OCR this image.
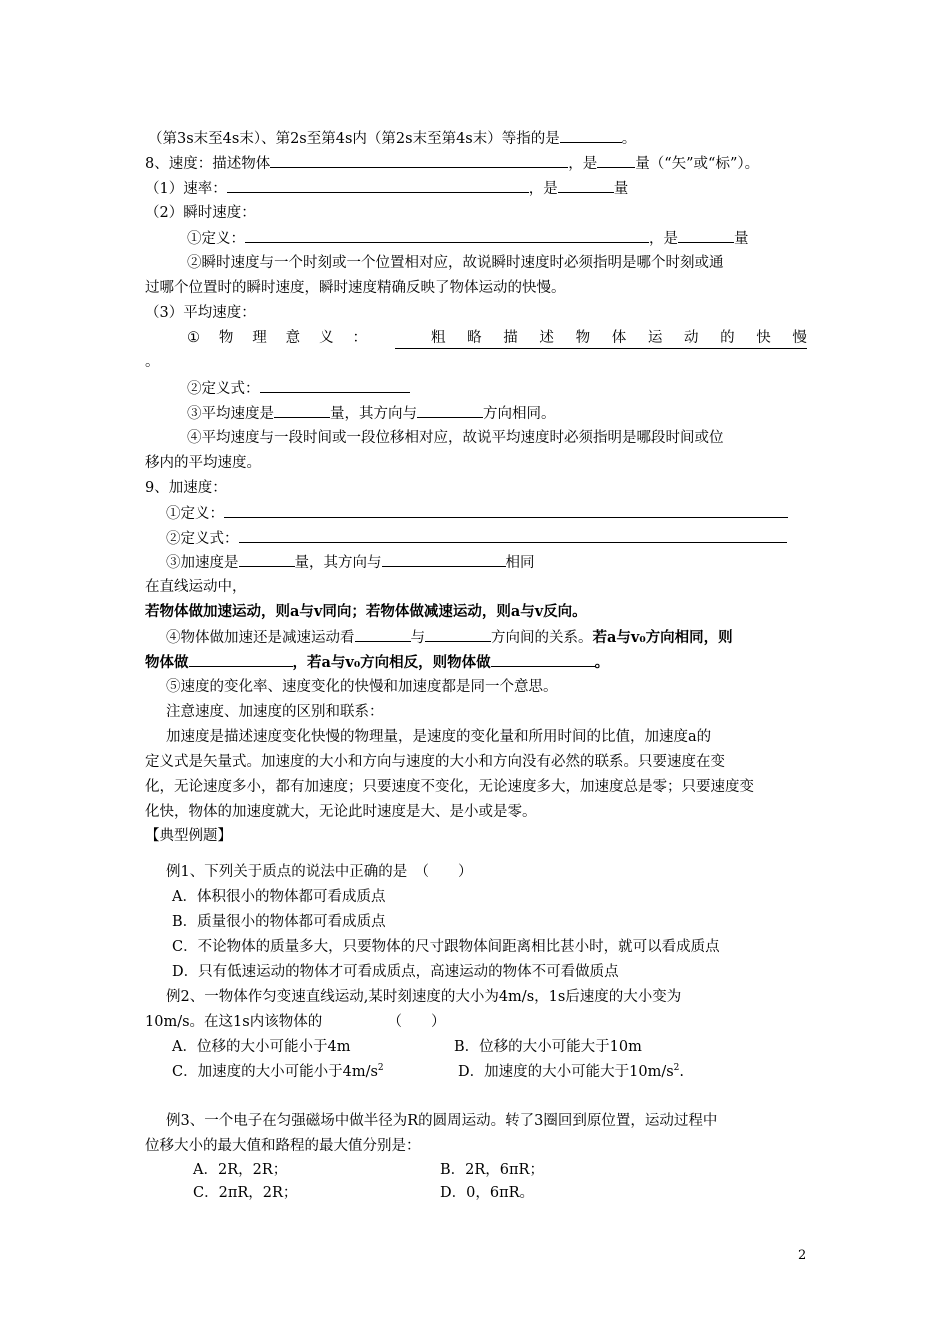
（第3s末至4s末）、第2s至第4s内（第2s末至第4s末）等指的是	。
8、速度：描述物体	，是	量（“矢”或“标”）。
（1）速率：	，是	量
（2）瞬时速度：
①定义：	，是	量
②瞬时速度与一个时刻或一个位置相对应，故说瞬时速度时必须指明是哪个时刻或通
过哪个位置时的瞬时速度，瞬时速度精确反映了物体运动的快慢。
（3）平均速度：
① 物 理 意 义 ：	粗 略 描 述 物 体 运 动 的 快 慢
。
②定义式：
③平均速度是	量，其方向与	方向相同。
④平均速度与一段时间或一段位移相对应，故说平均速度时必须指明是哪段时间或位
移内的平均速度。
9、加速度：
①定义：
②定义式：
③加速度是	量，其方向与	相同
在直线运动中，
若物体做加速运动，则a与v同向；若物体做减速运动，则a与v反向。
④物体做加速还是减速运动看	与	方向间的关系。若a与v₀方向相同，则
物体做	，若a与v₀方向相反，则物体做	。
⑤速度的变化率、速度变化的快慢和加速度都是同一个意思。
注意速度、加速度的区别和联系：
加速度是描述速度变化快慢的物理量，是速度的变化量和所用时间的比值，加速度a的
定义式是矢量式。加速度的大小和方向与速度的大小和方向没有必然的联系。只要速度在变
化，无论速度多小，都有加速度；只要速度不变化，无论速度多大，加速度总是零；只要速度变
化快，物体的加速度就大，无论此时速度是大、是小或是零。
【典型例题】
例1、下列关于质点的说法中正确的是　（　　）
A．体积很小的物体都可看成质点
B．质量很小的物体都可看成质点
C．不论物体的质量多大，只要物体的尺寸跟物体间距离相比甚小时，就可以看成质点
D．只有低速运动的物体才可看成质点，高速运动的物体不可看做质点
例2、一物体作匀变速直线运动,某时刻速度的大小为4m/s，1s后速度的大小变为
10m/s。在这1s内该物体的　　　　　（　　）
A．位移的大小可能小于4m	B．位移的大小可能大于10m
C．加速度的大小可能小于$4m/s^2$	D．加速度的大小可能大于$10m/s^2$.
例3、一个电子在匀强磁场中做半径为R的圆周运动。转了3圈回到原位置，运动过程中
位移大小的最大值和路程的最大值分别是：
A．2R，2R；	B．2R，6πR；
C．2πR，2R；	D．0，6πR。
2
